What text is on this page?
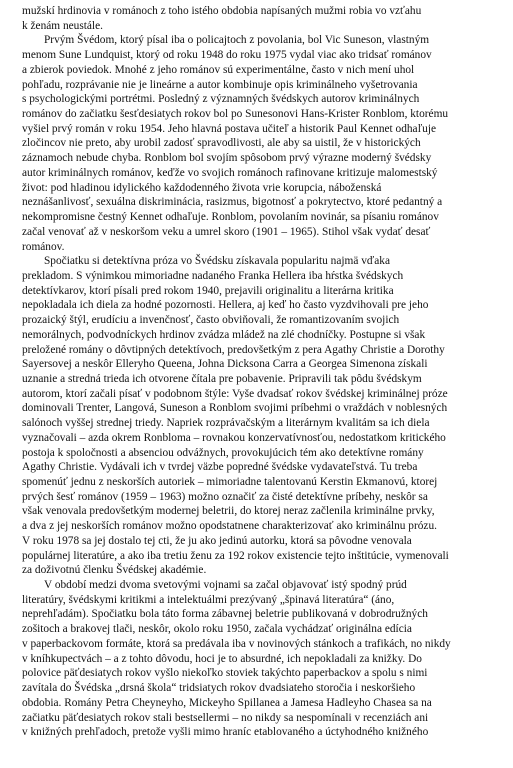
mužskí hrdinovia v románoch z toho istého obdobia napísaných mužmi robia vo vzťahu
k ženám neustále.

Prvým Švédom, ktorý písal iba o policajtoch z povolania, bol Vic Suneson, vlastným
menom Sune Lundquist, ktorý od roku 1948 do roku 1975 vydal viac ako tridsať románov
a zbierok poviedok. Mnohé z jeho románov sú experimentálne, často v nich mení uhol
pohľadu, rozprávanie nie je lineárne a autor kombinuje opis kriminálneho vyšetrovania
s psychologickými portrétmi. Posledný z významných švédskych autorov kriminálnych
románov do začiatku šesťdesiatych rokov bol po Sunesonovi Hans-Krister Ronblom, ktorému
vyšiel prvý román v roku 1954. Jeho hlavná postava učiteľ a historik Paul Kennet odhaľuje
zločincov nie preto, aby urobil zadosť spravodlivosti, ale aby sa uistil, že v historických
záznamoch nebude chyba. Ronblom bol svojím spôsobom prvý výrazne moderný švédsky
autor kriminálnych románov, keďže vo svojich románoch rafinovane kritizuje malomestský
život: pod hladinou idylického každodenného života vrie korupcia, náboženská
neznášanlivosť, sexuálna diskriminácia, rasizmus, bigotnosť a pokrytectvo, ktoré pedantný a
nekompromisne čestný Kennet odhaľuje. Ronblom, povolaním novinár, sa písaniu románov
začal venovať až v neskoršom veku a umrel skoro (1901 – 1965). Stihol však vydať desať
románov.

Spočiatku si detektívna próza vo Švédsku získavala popularitu najmä vďaka
prekladom. S výnimkou mimoriadne nadaného Franka Hellera iba hŕstka švédskych
detektívkarov, ktorí písali pred rokom 1940, prejavili originalitu a literárna kritika
nepokladala ich diela za hodné pozornosti. Hellera, aj keď ho často vyzdvihovali pre jeho
prozaický štýl, erudíciu a invenčnosť, často obviňovali, že romantizovaním svojich
nemorálnych, podvodníckych hrdinov zvádza mládež na zlé chodníčky. Postupne si však
preložené romány o dôvtipných detektívoch, predovšetkým z pera Agathy Christie a Dorothy
Sayersovej a neskôr Elleryho Queena, Johna Dicksona Carra a Georgea Simenona získali
uznanie a stredná trieda ich otvorene čítala pre pobavenie. Pripravili tak pôdu švédskym
autorom, ktorí začali písať v podobnom štýle: Vyše dvadsať rokov švédskej kriminálnej próze
dominovali Trenter, Langová, Suneson a Ronblom svojimi príbehmi o vraždách v noblesných
salónoch vyššej strednej triedy. Napriek rozprávačským a literárnym kvalitám sa ich diela
vyznačovali – azda okrem Ronbloma – rovnakou konzervatívnosťou, nedostatkom kritického
postoja k spoločnosti a absenciou odvážnych, provokujúcich tém ako detektívne romány
Agathy Christie. Vydávali ich v tvrdej väzbe popredné švédske vydavateľstvá. Tu treba
spomenúť jednu z neskorších autoriek – mimoriadne talentovanú Kerstin Ekmanovú, ktorej
prvých šesť románov (1959 – 1963) možno označiť za čisté detektívne príbehy, neskôr sa
však venovala predovšetkým modernej beletrii, do ktorej neraz začlenila kriminálne prvky,
a dva z jej neskorších románov možno opodstatnene charakterizovať ako kriminálnu prózu.
V roku 1978 sa jej dostalo tej cti, že ju ako jedinú autorku, ktorá sa pôvodne venovala
populárnej literatúre, a ako iba tretiu ženu za 192 rokov existencie tejto inštitúcie, vymenovali
za doživotnú členku Švédskej akadémie.

V období medzi dvoma svetovými vojnami sa začal objavovať istý spodný prúd
literatúry, švédskymi kritikmi a intelektuálmi prezývaný „špinavá literatúra“ (áno,
neprehľadám). Spočiatku bola táto forma zábavnej beletrie publikovaná v dobrodružných
zošitoch a brakovej tlači, neskôr, okolo roku 1950, začala vychádzať originálna edícia
v paperbackovom formáte, ktorá sa predávala iba v novinových stánkoch a trafikách, no nikdy
v kníhkupectvách – a z tohto dôvodu, hoci je to absurdné, ich nepokladali za knižky. Do
polovice päťdesiatych rokov vyšlo niekoľko stoviek takýchto paperbackov a spolu s nimi
zavítala do Švédska „drsná škola“ tridsiatych rokov dvadsiateho storočia i neskoršieho
obdobia. Romány Petra Cheyneyho, Mickeyho Spillanea a Jamesa Hadleyho Chasea sa na
začiatku päťdesiatych rokov stali bestsellermi – no nikdy sa nespomínali v recenziách ani
v knižných prehľadoch, pretože vyšli mimo hraníc etablovaného a úctyhodného knižného
